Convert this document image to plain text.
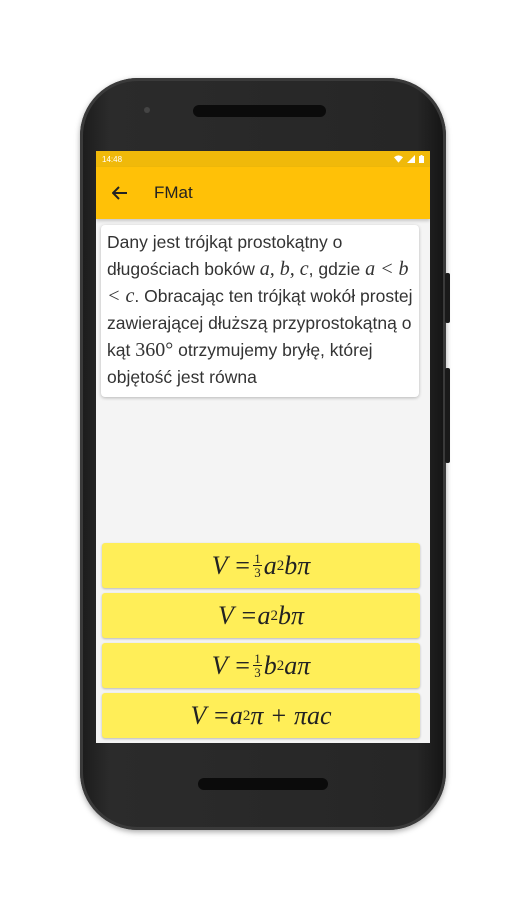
14:48
FMat
Dany jest trójkąt prostokątny o długościach boków a, b, c, gdzie a < b < c. Obracając ten trójkąt wokół prostej zawierającej dłuższą przyprostokątną o kąt 360° otrzymujemy bryłę, której objętość jest równa
$V = \frac{1}{3}$ a 2 bπ
V = a 2 bπ
$V = \frac{1}{3}$ b 2 aπ
V = a 2 π + πac
